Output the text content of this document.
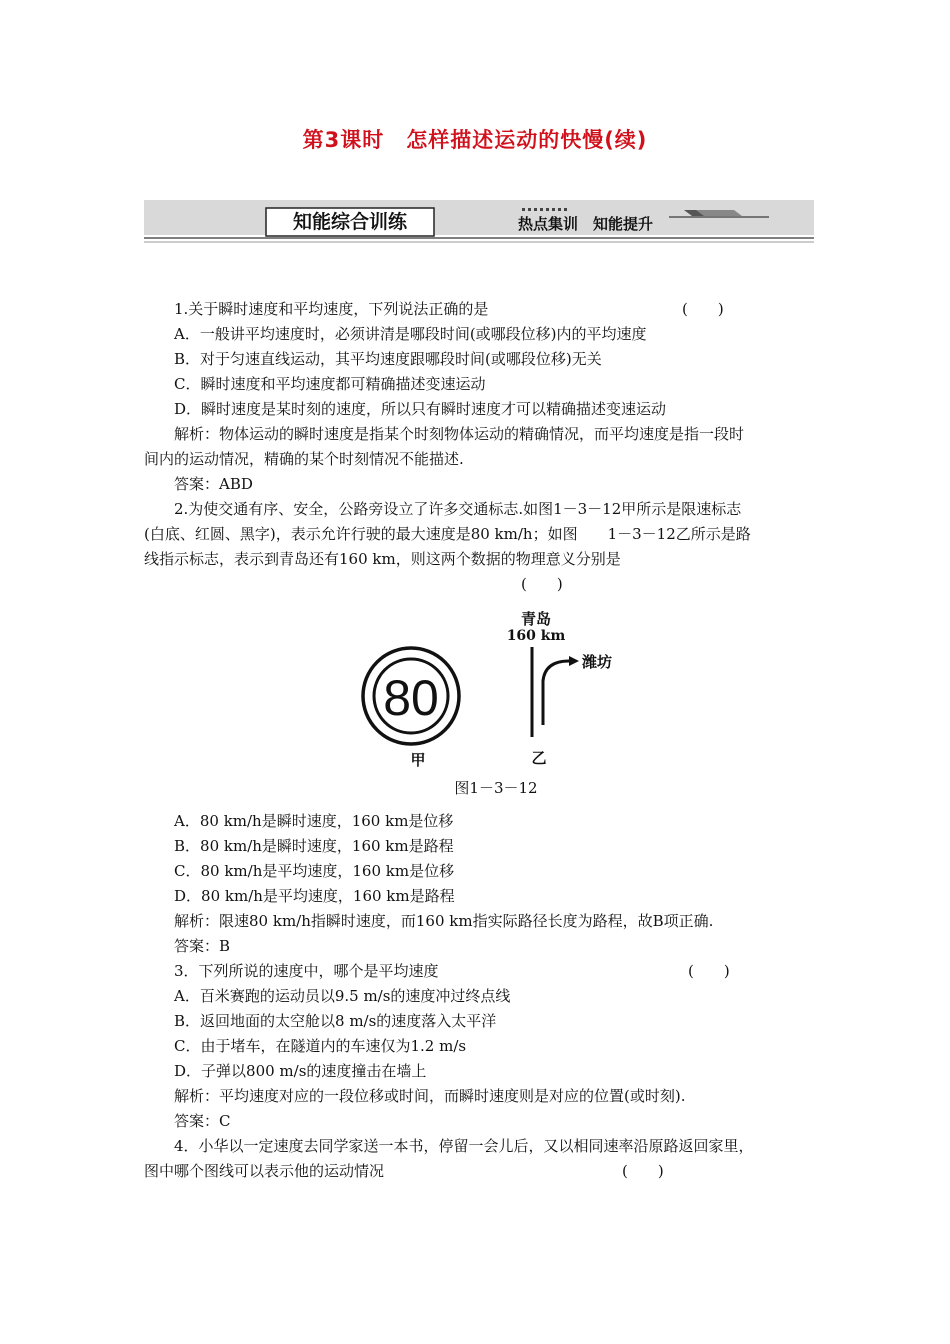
第3课时　怎样描述运动的快慢(续)
知能综合训练	热点集训　知能提升
1.关于瞬时速度和平均速度，下列说法正确的是	(　　)
A．一般讲平均速度时，必须讲清是哪段时间(或哪段位移)内的平均速度
B．对于匀速直线运动，其平均速度跟哪段时间(或哪段位移)无关
C．瞬时速度和平均速度都可精确描述变速运动
D．瞬时速度是某时刻的速度，所以只有瞬时速度才可以精确描述变速运动
解析：物体运动的瞬时速度是指某个时刻物体运动的精确情况，而平均速度是指一段时
间内的运动情况，精确的某个时刻情况不能描述.
答案：ABD
2.为使交通有序、安全，公路旁设立了许多交通标志.如图1－3－12甲所示是限速标志
(白底、红圆、黑字)，表示允许行驶的最大速度是80 km/h；如图　　1－3－12乙所示是路
线指示标志，表示到青岛还有160 km，则这两个数据的物理意义分别是
(　　)

80
甲
青岛
160 km
潍坊
乙
图1－3－12
A．80 km/h是瞬时速度，160 km是位移
B．80 km/h是瞬时速度，160 km是路程
C．80 km/h是平均速度，160 km是位移
D．80 km/h是平均速度，160 km是路程
解析：限速80 km/h指瞬时速度，而160 km指实际路径长度为路程，故B项正确.
答案：B
3．下列所说的速度中，哪个是平均速度	(　　)
A．百米赛跑的运动员以9.5 m/s的速度冲过终点线
B．返回地面的太空舱以8 m/s的速度落入太平洋
C．由于堵车，在隧道内的车速仅为1.2 m/s
D．子弹以800 m/s的速度撞击在墙上
解析：平均速度对应的一段位移或时间，而瞬时速度则是对应的位置(或时刻).
答案：C
4．小华以一定速度去同学家送一本书，停留一会儿后，又以相同速率沿原路返回家里，
图中哪个图线可以表示他的运动情况	(　　)
